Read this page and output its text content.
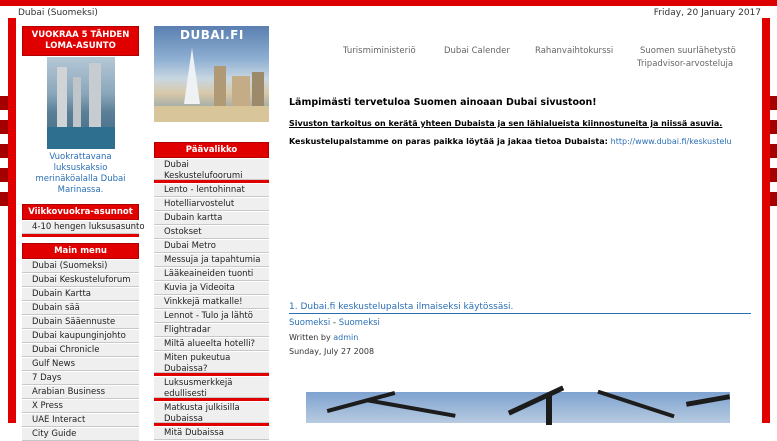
Dubai (Suomeksi)	Friday, 20 January 2017
VUOKRAA 5 TÄHDEN
LOMA-ASUNTO
Vuokrattavana luksuskaksio merinäköalalla Dubai Marinassa.
Viikkovuokra-asunnot
4-10 hengen luksusasunto
Main menu
Dubai (Suomeksi)
Dubai Keskusteluforum
Dubain Kartta
Dubain sää
Dubain Sääennuste
Dubai kaupunginjohto
Dubai Chronicle
Gulf News
7 Days
Arabian Business
X Press
UAE Interact
City Guide
DUBAI.FI
Päävalikko
Dubai Keskustelufoorumi
Lento - lentohinnat
Hotelliarvostelut
Dubain kartta
Ostokset
Dubai Metro
Messuja ja tapahtumia
Lääkeaineiden tuonti
Kuvia ja Videoita
Vinkkejä matkalle!
Lennot - Tulo ja lähtö
Flightradar
Miltä alueelta hotelli?
Miten pukeutua Dubaissa?
Luksusmerkkejä edullisesti
Matkusta julkisilla Dubaissa
Mitä Dubaissa
Turismiministeriö	Dubai Calender	Rahanvaihtokurssi	Suomen suurlähetystö
Tripadvisor-arvosteluja
Lämpimästi tervetuloa Suomen ainoaan Dubai sivustoon!
Sivuston tarkoitus on kerätä yhteen Dubaista ja sen lähialueista kiinnostuneita ja niissä asuvia.
Keskustelupalstamme on paras paikka löytää ja jakaa tietoa Dubaista: http://www.dubai.fi/keskustelu
1. Dubai.fi keskustelupalsta ilmaiseksi käytössäsi.
Suomeksi - Suomeksi
Written by admin
Sunday, July 27 2008
